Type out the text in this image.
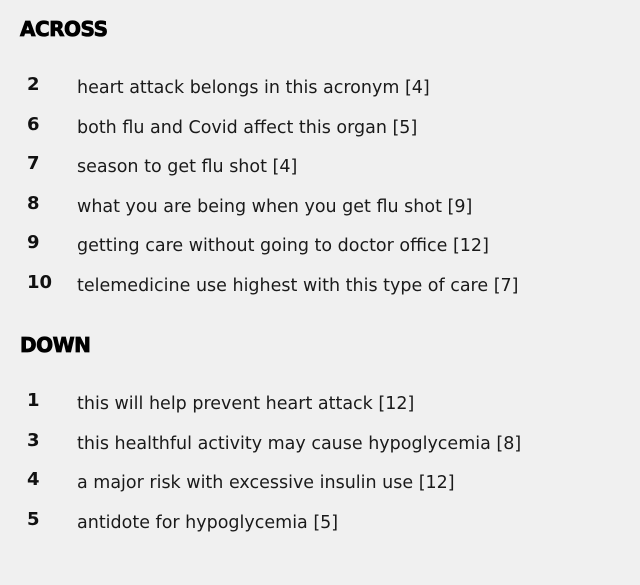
ACROSS
2 heart attack belongs in this acronym [4]
6 both flu and Covid affect this organ [5]
7 season to get flu shot [4]
8 what you are being when you get flu shot [9]
9 getting care without going to doctor office [12]
10 telemedicine use highest with this type of care [7]
DOWN
1 this will help prevent heart attack [12]
3 this healthful activity may cause hypoglycemia [8]
4 a major risk with excessive insulin use [12]
5 antidote for hypoglycemia [5]
